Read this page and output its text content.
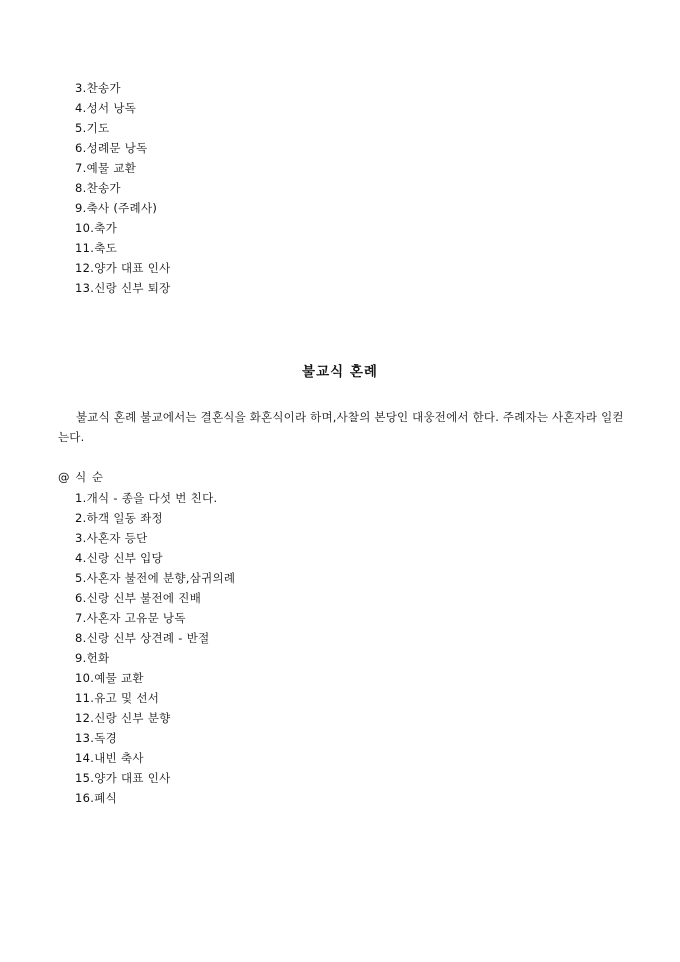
3.찬송가
4.성서 낭독
5.기도
6.성례문 낭독
7.예물 교환
8.찬송가
9.축사 (주례사)
10.축가
11.축도
12.양가 대표 인사
13.신랑 신부 퇴장
불교식 혼례

불교식 혼례 불교에서는 결혼식을 화혼식이라 하며,사찰의 본당인 대웅전에서 한다. 주례자는 사혼자라 일컫는다.

@ 식 순

1.개식 - 종을 다섯 번 친다.
2.하객 일동 좌정
3.사혼자 등단
4.신랑 신부 입당
5.사혼자 불전에 분향,삼귀의례
6.신랑 신부 불전에 진배
7.사혼자 고유문 낭독
8.신랑 신부 상견례 - 반절
9.헌화
10.예물 교환
11.유고 및 선서
12.신랑 신부 분향
13.독경
14.내빈 축사
15.양가 대표 인사
16.폐식
